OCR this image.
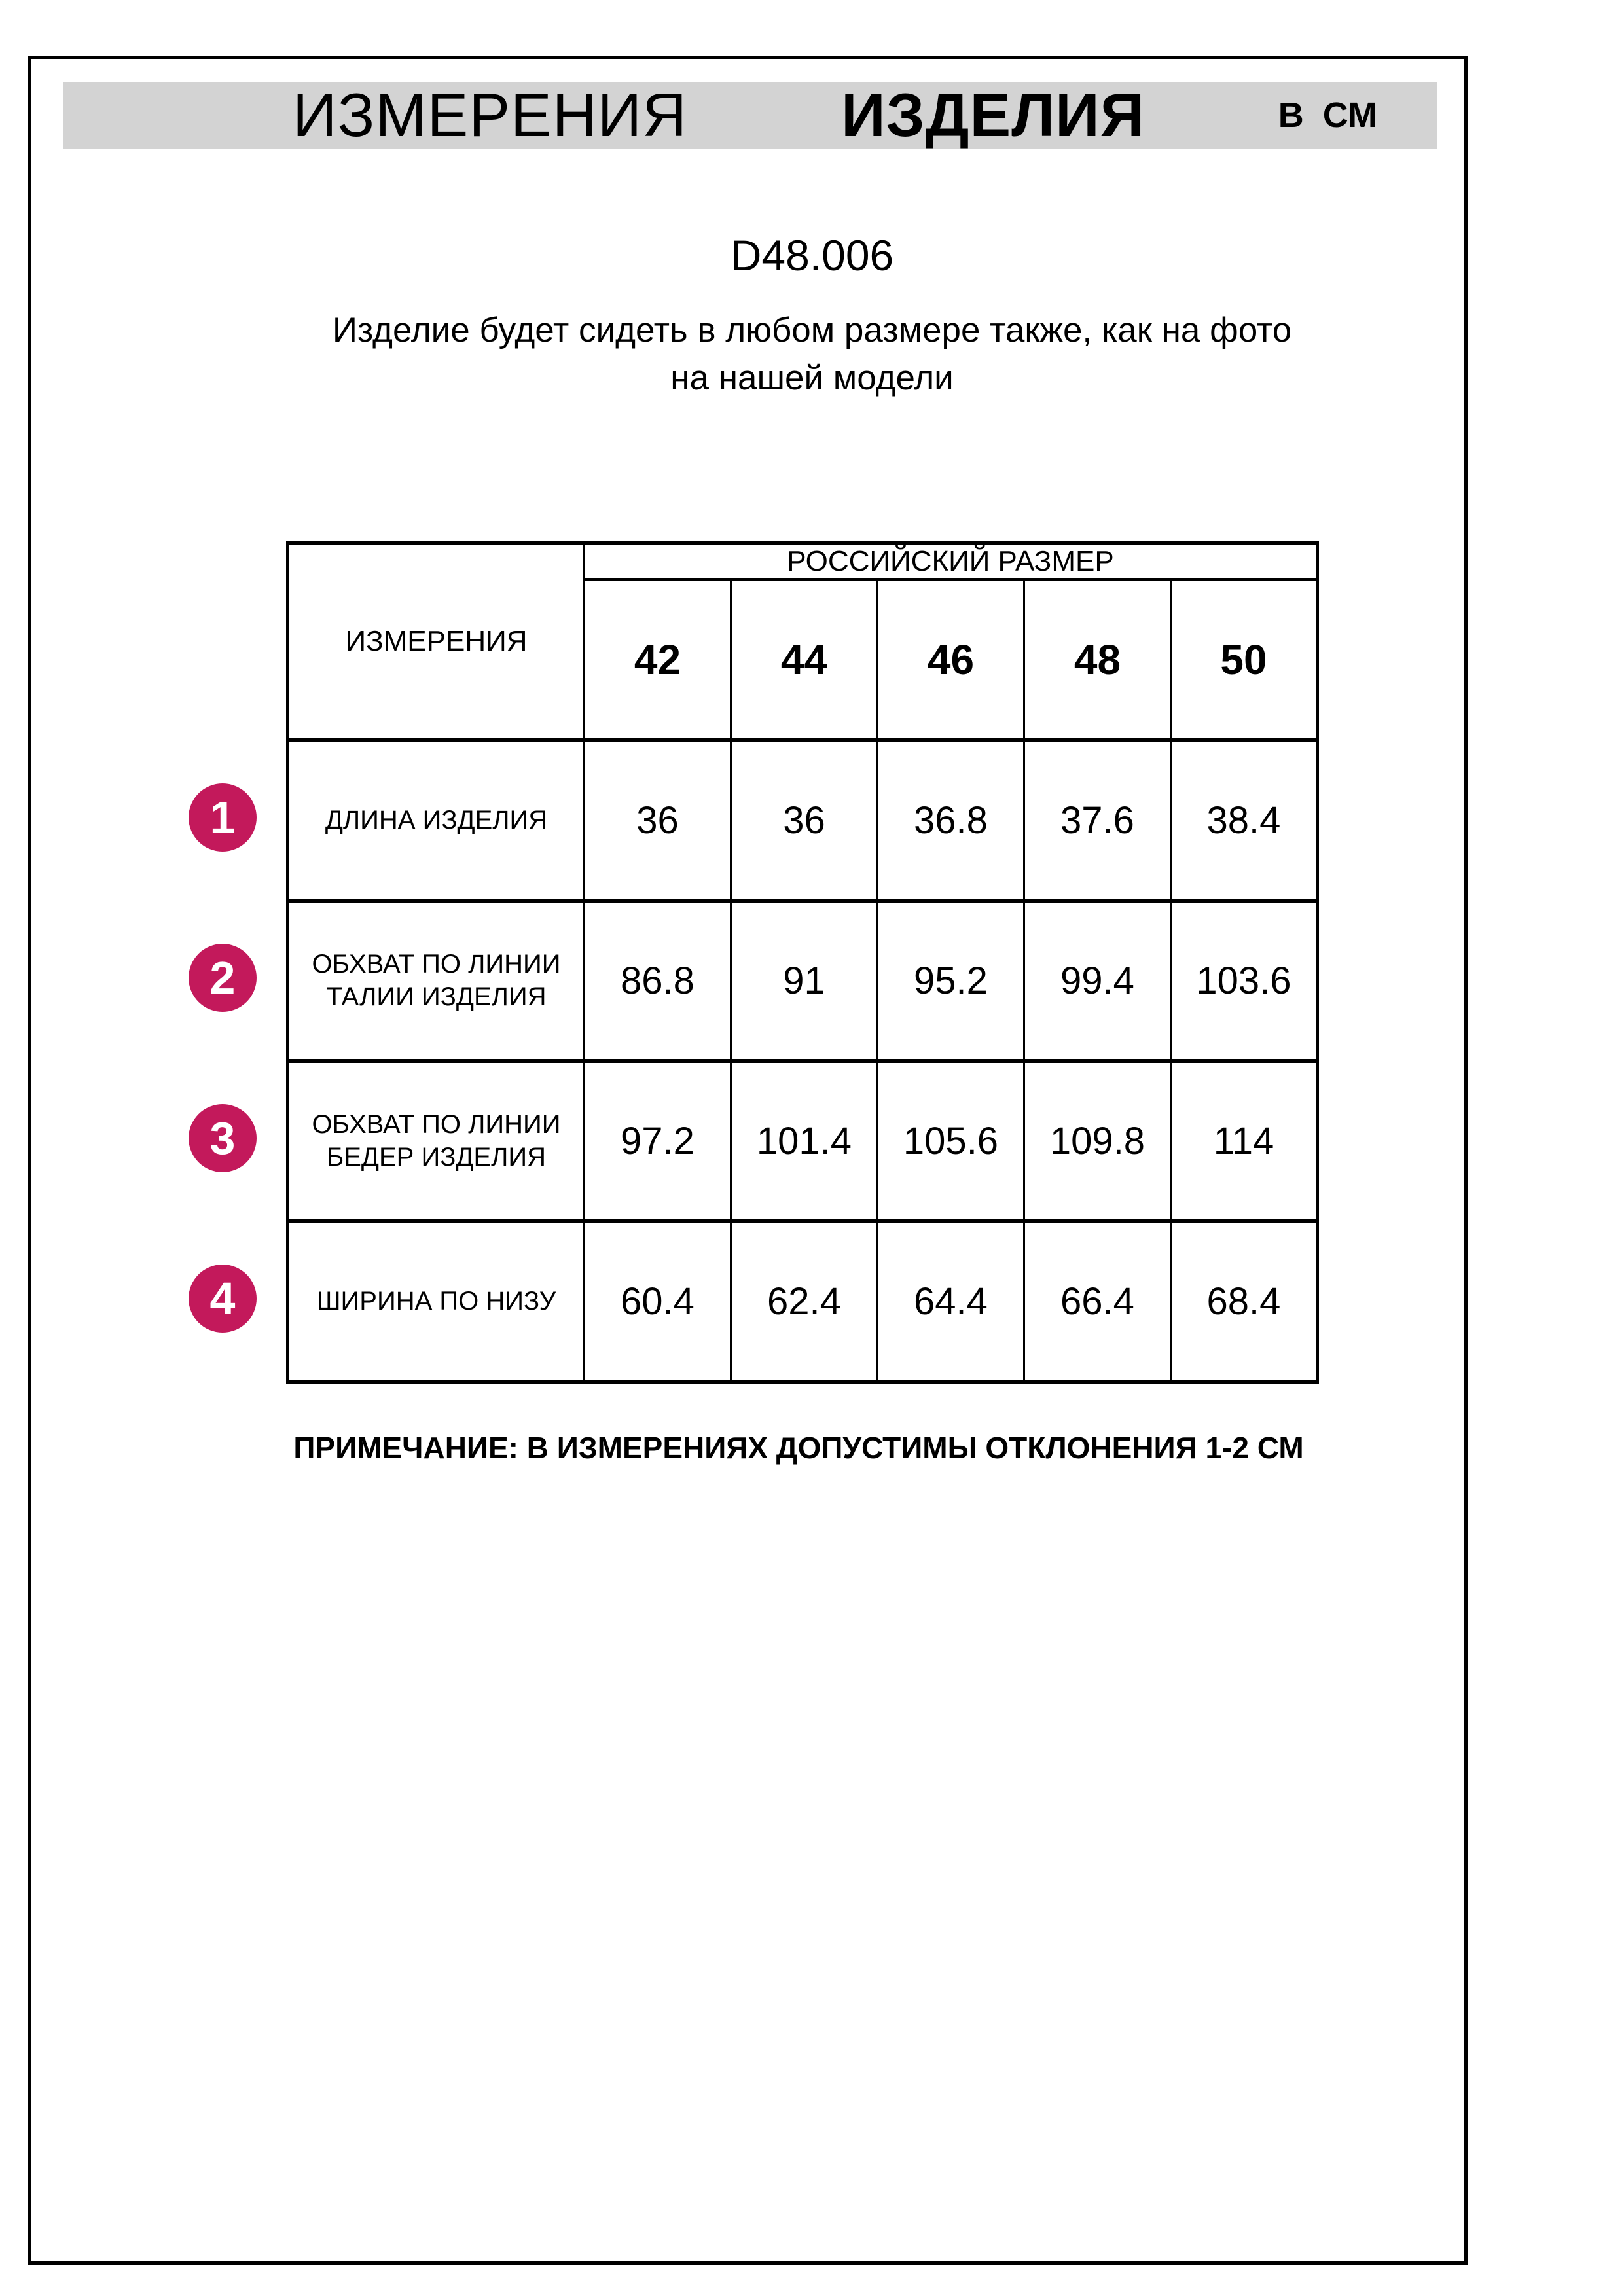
ИЗМЕРЕНИЯ	ИЗДЕЛИЯ	В СМ
D48.006
Изделие будет сидеть в любом размере также, как на фото
на нашей модели
ИЗМЕРЕНИЯ	РОССИЙСКИЙ РАЗМЕР				
	42	44	46	48	50
ДЛИНА ИЗДЕЛИЯ	36	36	36.8	37.6	38.4
ОБХВАТ ПО ЛИНИИ ТАЛИИ ИЗДЕЛИЯ	86.8	91	95.2	99.4	103.6
ОБХВАТ ПО ЛИНИИ БЕДЕР ИЗДЕЛИЯ	97.2	101.4	105.6	109.8	114
ШИРИНА ПО НИЗУ	60.4	62.4	64.4	66.4	68.4
1
2
3
4
ПРИМЕЧАНИЕ: В ИЗМЕРЕНИЯХ ДОПУСТИМЫ ОТКЛОНЕНИЯ 1-2 СМ
